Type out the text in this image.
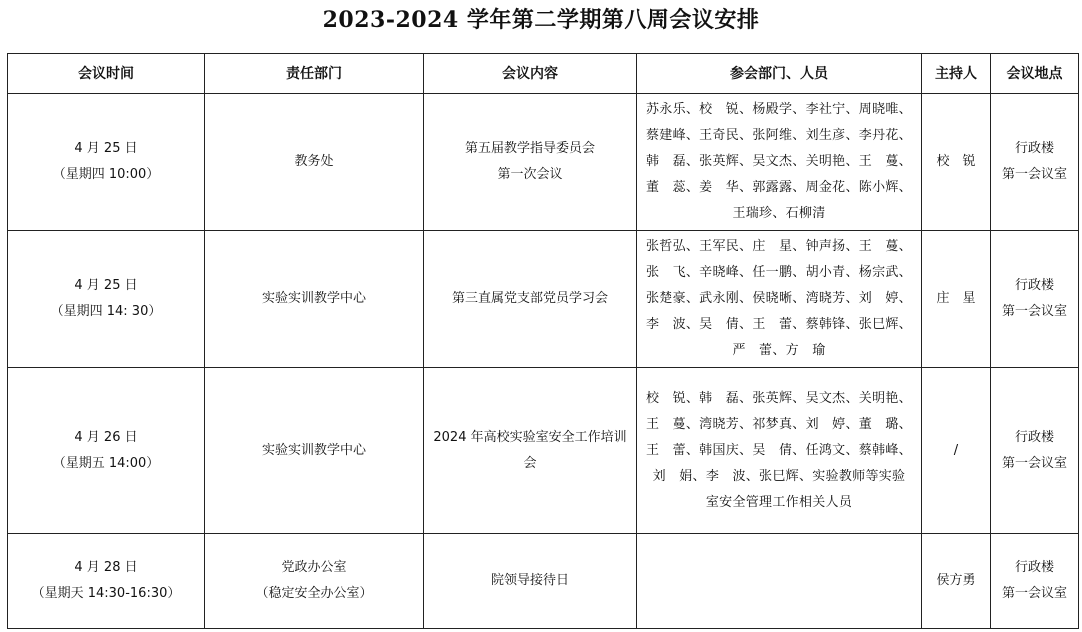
2023-2024 学年第二学期第八周会议安排
会议时间	责任部门	会议内容	参会部门、人员	主持人	会议地点

4 月 25 日
（星期四 10:00）	教务处	第五届教学指导委员会
第一次会议	苏永乐、校　锐、杨殿学、李社宁、周晓唯、
蔡建峰、王奇民、张阿维、刘生彦、李丹花、
韩　磊、张英辉、吴文杰、关明艳、王　蔓、
董　蕊、姜　华、郭露露、周金花、陈小辉、
王瑞珍、石柳清	校　锐	行政楼
第一会议室

4 月 25 日
（星期四 14: 30）	实验实训教学中心	第三直属党支部党员学习会	张哲弘、王军民、庄　星、钟声扬、王　蔓、
张　飞、辛晓峰、任一鹏、胡小青、杨宗武、
张楚豪、武永刚、侯晓晰、湾晓芳、刘　婷、
李　波、吴　倩、王　蕾、蔡韩锋、张巳辉、
严　蕾、方　瑜	庄　星	行政楼
第一会议室

4 月 26 日
（星期五 14:00）	实验实训教学中心	2024 年高校实验室安全工作培训
会	校　锐、韩　磊、张英辉、吴文杰、关明艳、
王　蔓、湾晓芳、祁梦真、刘　婷、董　璐、
王　蕾、韩国庆、吴　倩、任鸿文、蔡韩峰、
刘　娟、李　波、张巳辉、实验教师等实验
室安全管理工作相关人员	/	行政楼
第一会议室

4 月 28 日
（星期天 14:30-16:30）	党政办公室
（稳定安全办公室）	院领导接待日		侯方勇	行政楼
第一会议室
